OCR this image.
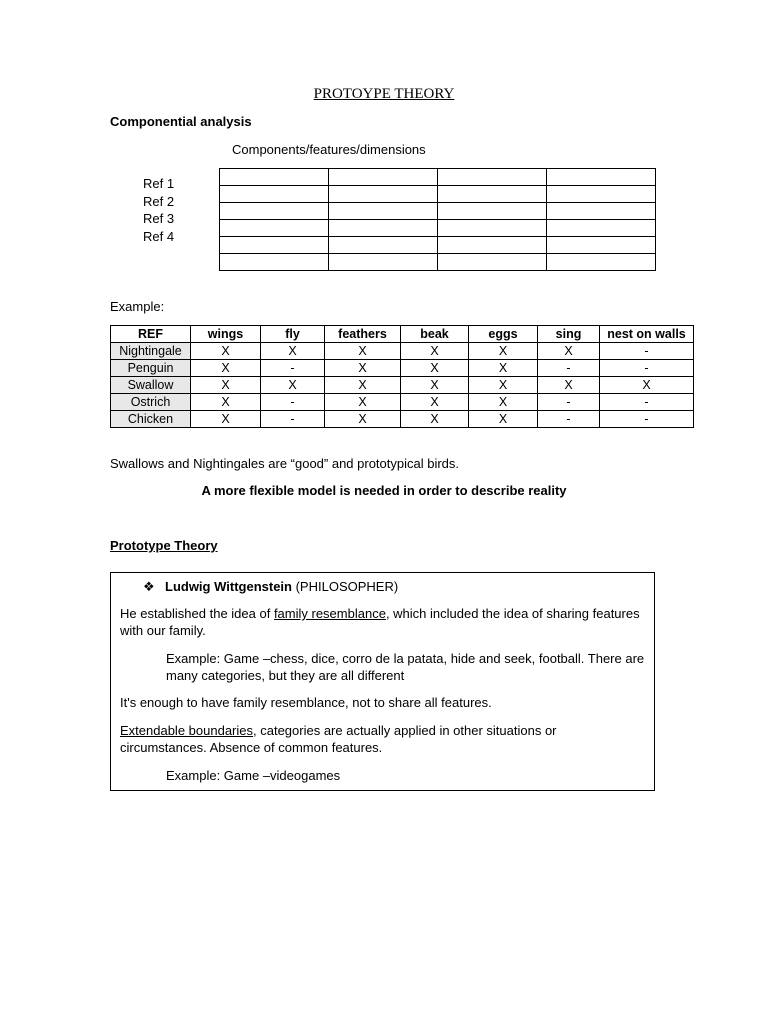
PROTOYPE THEORY
Componential analysis
Components/features/dimensions
Ref 1
Ref 2
Ref 3
Ref 4

Example:
REF	wings	fly	feathers	beak	eggs	sing	nest on walls
Nightingale	X	X	X	X	X	X	-
Penguin	X	-	X	X	X	-	-
Swallow	X	X	X	X	X	X	X
Ostrich	X	-	X	X	X	-	-
Chicken	X	-	X	X	X	-	-
Swallows and Nightingales are “good” and prototypical birds.
A more flexible model is needed in order to describe reality
Prototype Theory

❖ Ludwig Wittgenstein (PHILOSOPHER)

He established the idea of family resemblance, which included the idea of sharing features
with our family.

Example: Game –chess, dice, corro de la patata, hide and seek, football. There are
many categories, but they are all different

It's enough to have family resemblance, not to share all features.

Extendable boundaries, categories are actually applied in other situations or
circumstances. Absence of common features.

Example: Game –videogames
